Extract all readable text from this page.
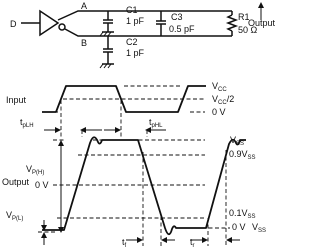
D
A
B
C1
1 pF
C2
1 pF
C3
0.5 pF
R1
50 Ω
Output
Input
$V_{CC}$
$V_{CC}/2$
0 V
$t_{pLH}$	$t_{pHL}$
Output
$t_f$	$t_r$
$V_{P(H)}$
$V_{P(L)}$
0 V
$V_{SS}$
$0.9V_{SS}$
$0.1V_{SS}$
0 V $V_{SS}$
